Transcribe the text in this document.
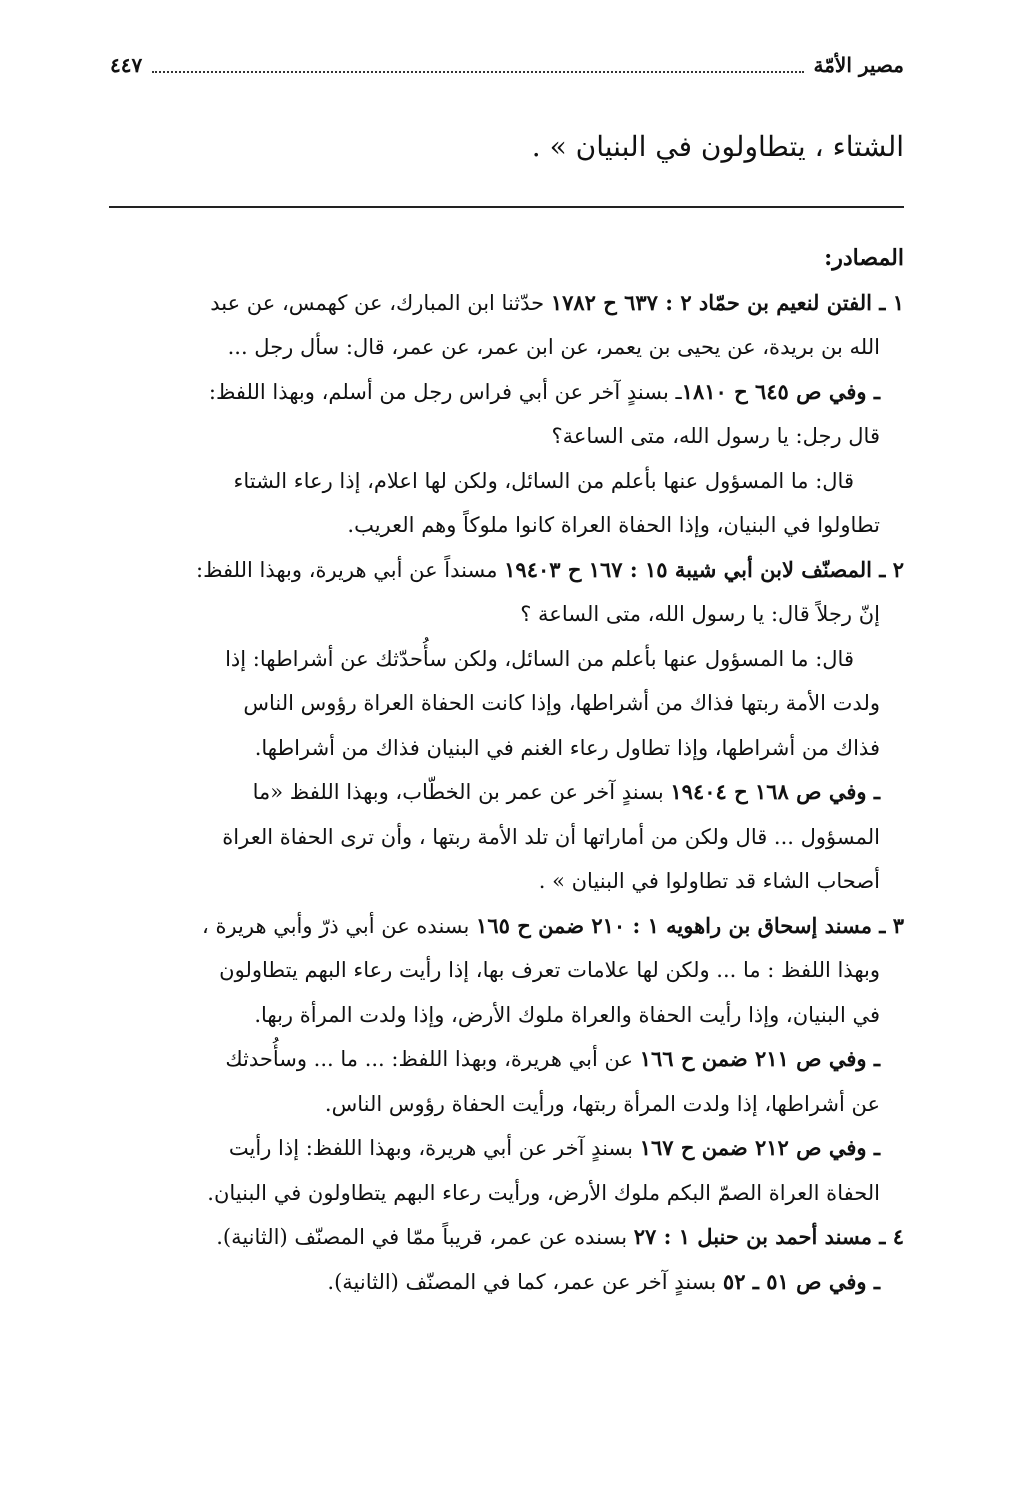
مصير الأمّة
٤٤٧
الشتاء ، يتطاولون في البنيان » .
المصادر:
١ ـ الفتن لنعيم بن حمّاد ٢ : ٦٣٧ ح ١٧٨٢ حدّثنا ابن المبارك، عن كهمس، عن عبد
الله بن بريدة، عن يحيى بن يعمر، عن ابن عمر، عن عمر، قال: سأل رجل ...
ـ وفي ص ٦٤٥ ح ١٨١٠ـ بسندٍ آخر عن أبي فراس رجل من أسلم، وبهذا اللفظ:
قال رجل: يا رسول الله، متى الساعة؟
قال: ما المسؤول عنها بأعلم من السائل، ولكن لها اعلام، إذا رعاء الشتاء
تطاولوا في البنيان، وإذا الحفاة العراة كانوا ملوكاً وهم العريب.
٢ ـ المصنّف لابن أبي شيبة ١٥ : ١٦٧ ح ١٩٤٠٣ مسنداً عن أبي هريرة، وبهذا اللفظ:
إنّ رجلاً قال: يا رسول الله، متى الساعة ؟
قال: ما المسؤول عنها بأعلم من السائل، ولكن سأُحدّثك عن أشراطها: إذا
ولدت الأمة ربتها فذاك من أشراطها، وإذا كانت الحفاة العراة رؤوس الناس
فذاك من أشراطها، وإذا تطاول رعاء الغنم في البنيان فذاك من أشراطها.
ـ وفي ص ١٦٨ ح ١٩٤٠٤ بسندٍ آخر عن عمر بن الخطّاب، وبهذا اللفظ «ما
المسؤول ... قال ولكن من أماراتها أن تلد الأمة ربتها ، وأن ترى الحفاة العراة
أصحاب الشاء قد تطاولوا في البنيان » .
٣ ـ مسند إسحاق بن راهويه ١ : ٢١٠ ضمن ح ١٦٥ بسنده عن أبي ذرّ وأبي هريرة ،
وبهذا اللفظ : ما ... ولكن لها علامات تعرف بها، إذا رأيت رعاء البهم يتطاولون
في البنيان، وإذا رأيت الحفاة والعراة ملوك الأرض، وإذا ولدت المرأة ربها.
ـ وفي ص ٢١١ ضمن ح ١٦٦ عن أبي هريرة، وبهذا اللفظ: ... ما ... وسأُحدثك
عن أشراطها، إذا ولدت المرأة ربتها، ورأيت الحفاة رؤوس الناس.
ـ وفي ص ٢١٢ ضمن ح ١٦٧ بسندٍ آخر عن أبي هريرة، وبهذا اللفظ: إذا رأيت
الحفاة العراة الصمّ البكم ملوك الأرض، ورأيت رعاء البهم يتطاولون في البنيان.
٤ ـ مسند أحمد بن حنبل ١ : ٢٧ بسنده عن عمر، قريباً ممّا في المصنّف (الثانية).
ـ وفي ص ٥١ ـ ٥٢ بسندٍ آخر عن عمر، كما في المصنّف (الثانية).
